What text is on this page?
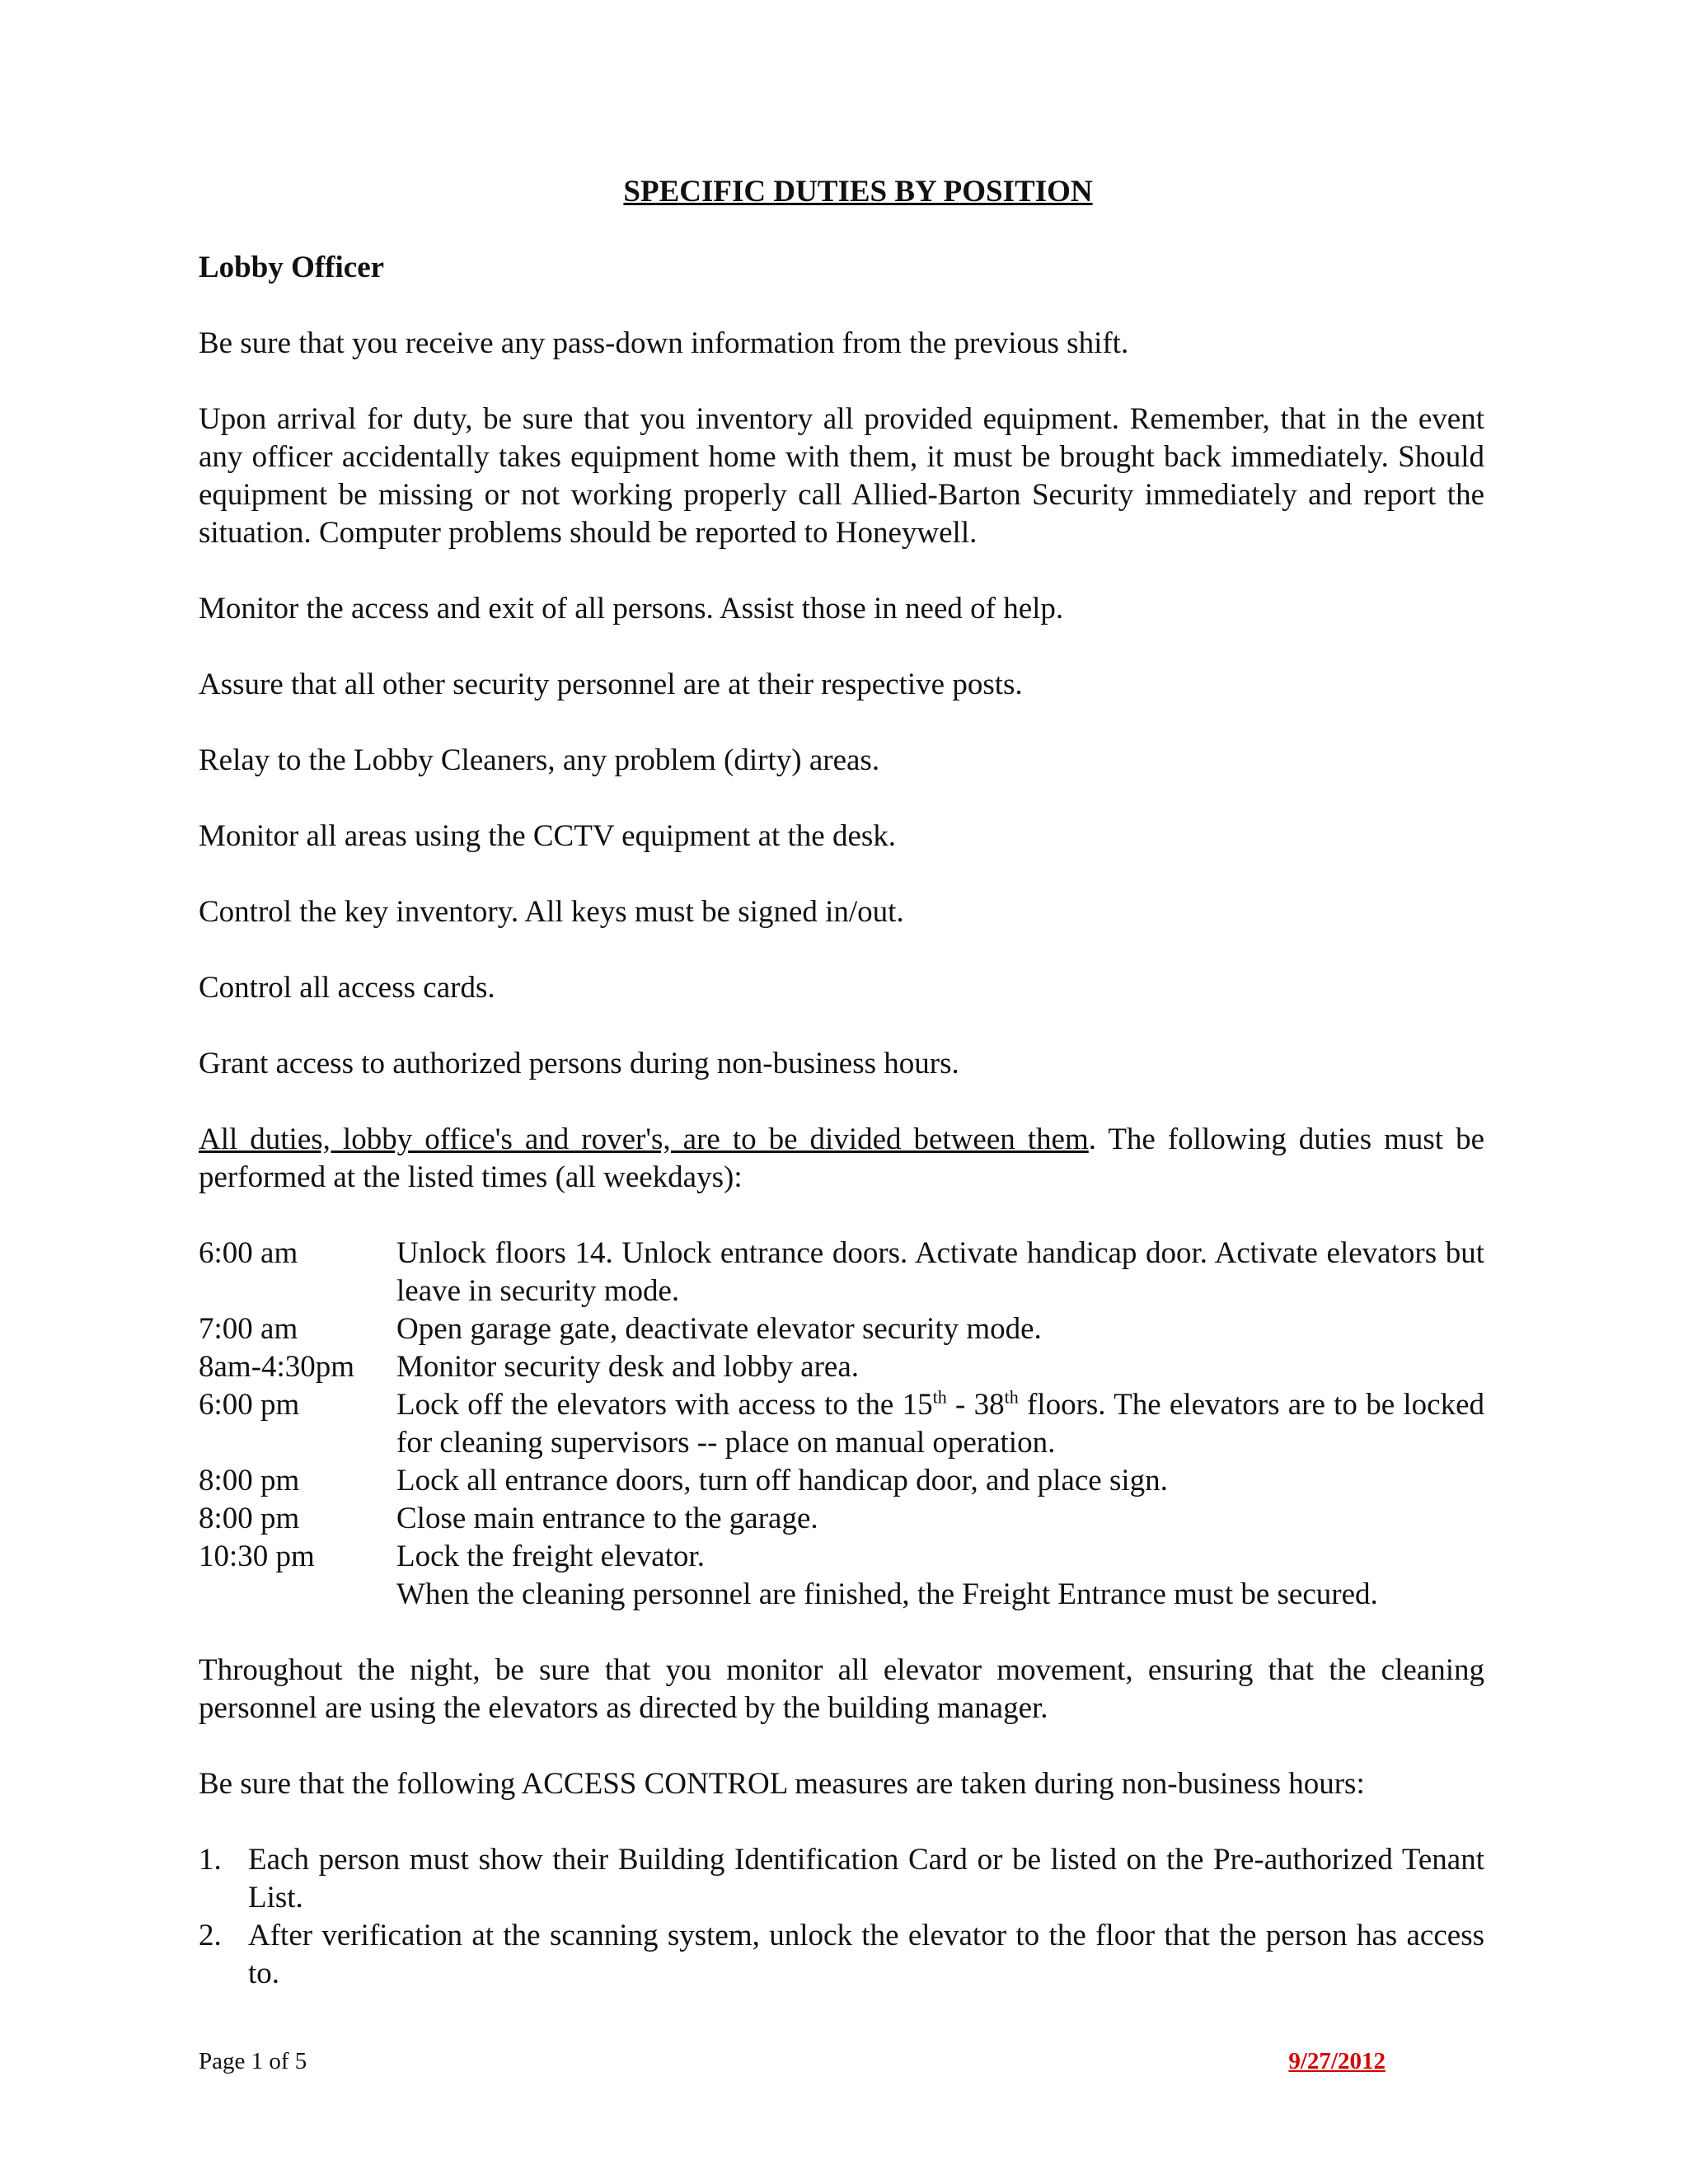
SPECIFIC DUTIES BY POSITION
Lobby Officer

Be sure that you receive any pass-down information from the previous shift.

Upon arrival for duty, be sure that you inventory all provided equipment. Remember, that in the event any officer accidentally takes equipment home with them, it must be brought back immediately. Should equipment be missing or not working properly call Allied-Barton Security immediately and report the situation. Computer problems should be reported to Honeywell.

Monitor the access and exit of all persons. Assist those in need of help.

Assure that all other security personnel are at their respective posts.

Relay to the Lobby Cleaners, any problem (dirty) areas.

Monitor all areas using the CCTV equipment at the desk.

Control the key inventory. All keys must be signed in/out.

Control all access cards.

Grant access to authorized persons during non-business hours.

All duties, lobby office's and rover's, are to be divided between them. The following duties must be performed at the listed times (all weekdays):

6:00 am	Unlock floors 14. Unlock entrance doors. Activate handicap door. Activate elevators but leave in security mode.
7:00 am	Open garage gate, deactivate elevator security mode.
8am-4:30pm	Monitor security desk and lobby area.
6:00 pm	Lock off the elevators with access to the 15th - 38th floors. The elevators are to be locked for cleaning supervisors -- place on manual operation.
8:00 pm	Lock all entrance doors, turn off handicap door, and place sign.
8:00 pm	Close main entrance to the garage.
10:30 pm	Lock the freight elevator.
When the cleaning personnel are finished, the Freight Entrance must be secured.

Throughout the night, be sure that you monitor all elevator movement, ensuring that the cleaning personnel are using the elevators as directed by the building manager.

Be sure that the following ACCESS CONTROL measures are taken during non-business hours:

1. Each person must show their Building Identification Card or be listed on the Pre-authorized Tenant List.
2. After verification at the scanning system, unlock the elevator to the floor that the person has access to.
Page 1 of 5	9/27/2012
